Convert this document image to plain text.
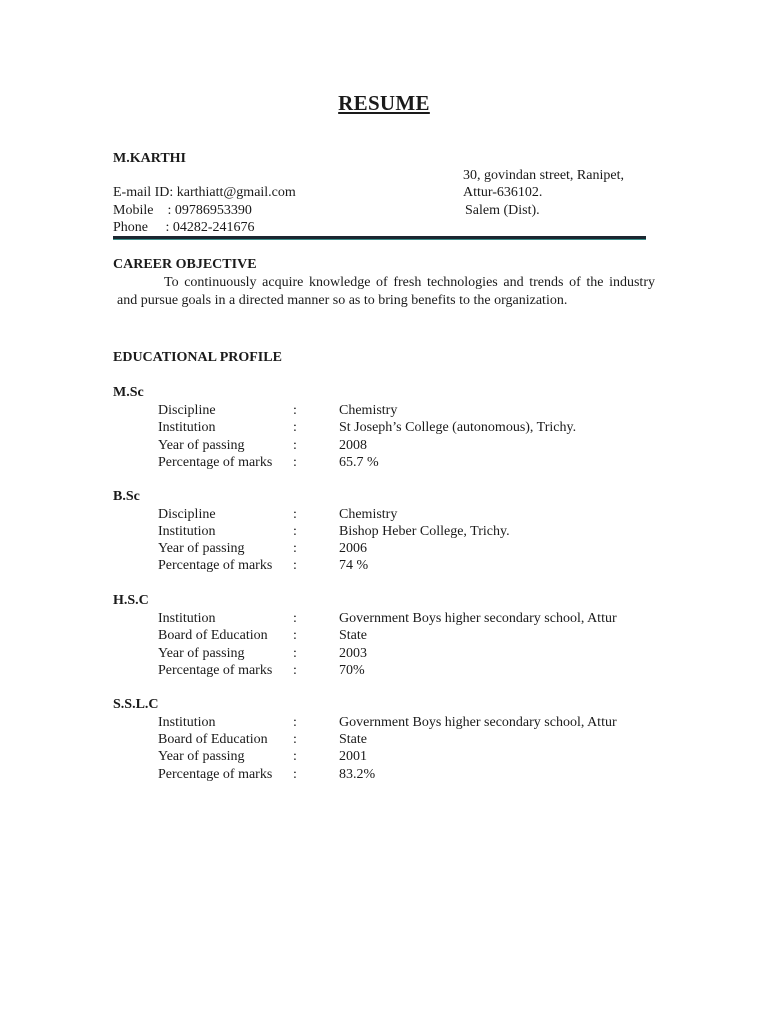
RESUME
M.KARTHI
30, govindan street, Ranipet,
Attur-636102.
Salem (Dist).
E-mail ID: karthiatt@gmail.com
Mobile    : 09786953390
Phone     : 04282-241676
CAREER OBJECTIVE
To continuously acquire knowledge of fresh technologies and trends of the industry and pursue goals in a directed manner so as to bring benefits to the organization.
EDUCATIONAL PROFILE
M.Sc
Discipline	:	Chemistry
Institution	:	St Joseph’s College (autonomous), Trichy.
Year of passing	:	2008
Percentage of marks :	65.7 %
B.Sc
Discipline	:	Chemistry
Institution	:	Bishop Heber College, Trichy.
Year of passing	:	2006
Percentage of marks :	74 %
H.S.C
Institution	:	Government Boys higher secondary school, Attur
Board of Education :	State
Year of passing	:	2003
Percentage of marks :	70%
S.S.L.C
Institution	:	Government Boys higher secondary school, Attur
Board of Education :	State
Year of passing	:	2001
Percentage of marks :	83.2%
